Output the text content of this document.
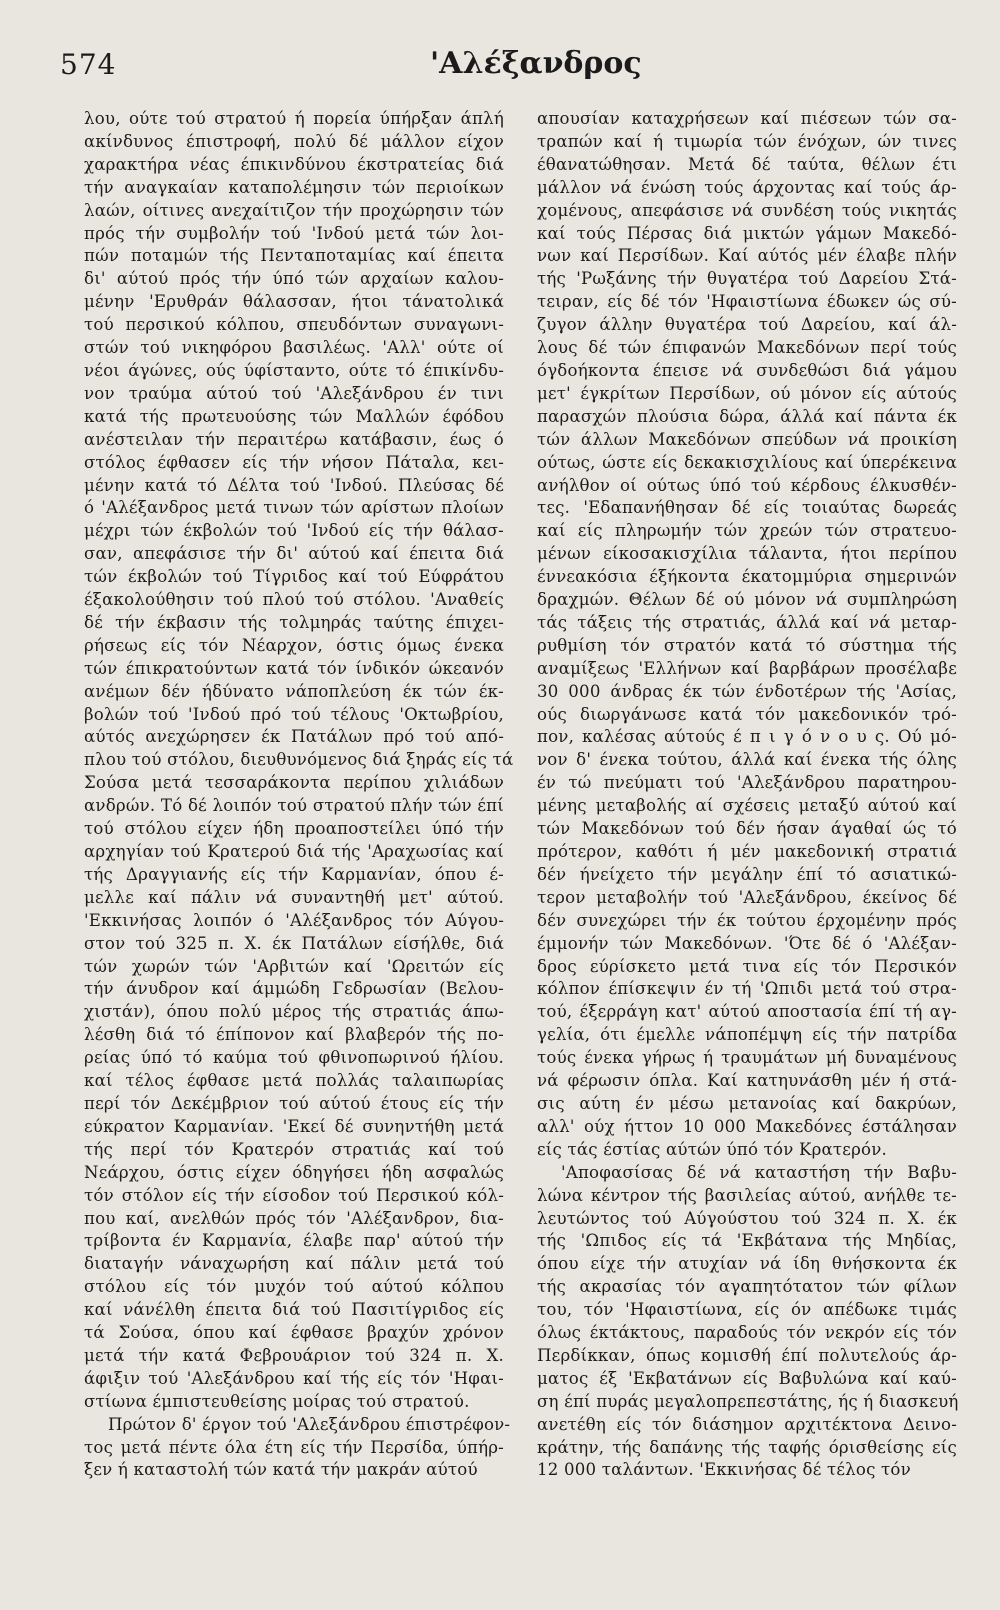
574	'Αλέξανδρος
λου, ούτε τού στρατού ή πορεία ύπήρξαν άπλή
ακίνδυνος έπιστροφή, πολύ δέ μάλλον είχον
χαρακτήρα νέας έπικινδύνου έκστρατείας διά
τήν αναγκαίαν καταπολέμησιν τών περιοίκων
λαών, οίτινες ανεχαίτιζον τήν προχώρησιν τών
πρός τήν συμβολήν τού 'Ινδού μετά τών λοι-
πών ποταμών τής Πενταποταμίας καί έπειτα
δι' αύτού πρός τήν ύπό τών αρχαίων καλου-
μένην 'Ερυθράν θάλασσαν, ήτοι τάνατολικά
τού περσικού κόλπου, σπευδόντων συναγωνι-
στών τού νικηφόρου βασιλέως. 'Αλλ' ούτε οί
νέοι άγώνες, ούς ύφίσταντο, ούτε τό έπικίνδυ-
νον τραύμα αύτού τού 'Αλεξάνδρου έν τινι
κατά τής πρωτευούσης τών Μαλλών έφόδου
ανέστειλαν τήν περαιτέρω κατάβασιν, έως ό
στόλος έφθασεν είς τήν νήσον Πάταλα, κει-
μένην κατά τό Δέλτα τού 'Ινδού. Πλεύσας δέ
ό 'Αλέξανδρος μετά τινων τών αρίστων πλοίων
μέχρι τών έκβολών τού 'Ινδού είς τήν θάλασ-
σαν, απεφάσισε τήν δι' αύτού καί έπειτα διά
τών έκβολών τού Τίγριδος καί τού Εύφράτου
έξακολούθησιν τού πλού τού στόλου. 'Αναθείς
δέ τήν έκβασιν τής τολμηράς ταύτης έπιχει-
ρήσεως είς τόν Νέαρχον, όστις όμως ένεκα
τών έπικρατούντων κατά τόν ίνδικόν ώκεανόν
ανέμων δέν ήδύνατο νάποπλεύση έκ τών έκ-
βολών τού 'Ινδού πρό τού τέλους 'Οκτωβρίου,
αύτός ανεχώρησεν έκ Πατάλων πρό τού από-
πλου τού στόλου, διευθυνόμενος διά ξηράς είς τά
Σούσα μετά τεσσαράκοντα περίπου χιλιάδων
ανδρών. Τό δέ λοιπόν τού στρατού πλήν τών έπί
τού στόλου είχεν ήδη προαποστείλει ύπό τήν
αρχηγίαν τού Κρατερού διά τής 'Αραχωσίας καί
τής Δραγγιανής είς τήν Καρμανίαν, όπου έ-
μελλε καί πάλιν νά συναντηθή μετ' αύτού.
'Εκκινήσας λοιπόν ό 'Αλέξανδρος τόν Αύγου-
στον τού 325 π. Χ. έκ Πατάλων είσήλθε, διά
τών χωρών τών 'Αρβιτών καί 'Ωρειτών είς
τήν άνυδρον καί άμμώδη Γεδρωσίαν (Βελου-
χιστάν), όπου πολύ μέρος τής στρατιάς άπω-
λέσθη διά τό έπίπονον καί βλαβερόν τής πο-
ρείας ύπό τό καύμα τού φθινοπωρινού ήλίου.
καί τέλος έφθασε μετά πολλάς ταλαιπωρίας
περί τόν Δεκέμβριον τού αύτού έτους είς τήν
εύκρατον Καρμανίαν. 'Εκεί δέ συνηντήθη μετά
τής περί τόν Κρατερόν στρατιάς καί τού
Νεάρχου, όστις είχεν όδηγήσει ήδη ασφαλώς
τόν στόλον είς τήν είσοδον τού Περσικού κόλ-
που καί, ανελθών πρός τόν 'Αλέξανδρον, δια-
τρίβοντα έν Καρμανία, έλαβε παρ' αύτού τήν
διαταγήν νάναχωρήση καί πάλιν μετά τού
στόλου είς τόν μυχόν τού αύτού κόλπου
καί νάνέλθη έπειτα διά τού Πασιτίγριδος είς
τά Σούσα, όπου καί έφθασε βραχύν χρόνον
μετά τήν κατά Φεβρουάριον τού 324 π. Χ.
άφιξιν τού 'Αλεξάνδρου καί τής είς τόν 'Ηφαι-
στίωνα έμπιστευθείσης μοίρας τού στρατού.
Πρώτον δ' έργον τού 'Αλεξάνδρου έπιστρέφον-
τος μετά πέντε όλα έτη είς τήν Περσίδα, ύπήρ-
ξεν ή καταστολή τών κατά τήν μακράν αύτού
απουσίαν καταχρήσεων καί πιέσεων τών σα-
τραπών καί ή τιμωρία τών ένόχων, ών τινες
έθανατώθησαν. Μετά δέ ταύτα, θέλων έτι
μάλλον νά ένώση τούς άρχοντας καί τούς άρ-
χομένους, απεφάσισε νά συνδέση τούς νικητάς
καί τούς Πέρσας διά μικτών γάμων Μακεδό-
νων καί Περσίδων. Καί αύτός μέν έλαβε πλήν
τής 'Ρωξάνης τήν θυγατέρα τού Δαρείου Στά-
τειραν, είς δέ τόν 'Ηφαιστίωνα έδωκεν ώς σύ-
ζυγον άλλην θυγατέρα τού Δαρείου, καί άλ-
λους δέ τών έπιφανών Μακεδόνων περί τούς
όγδοήκοντα έπεισε νά συνδεθώσι διά γάμου
μετ' έγκρίτων Περσίδων, ού μόνον είς αύτούς
παρασχών πλούσια δώρα, άλλά καί πάντα έκ
τών άλλων Μακεδόνων σπεύδων νά προικίση
ούτως, ώστε είς δεκακισχιλίους καί ύπερέκεινα
ανήλθον οί ούτως ύπό τού κέρδους έλκυσθέν-
τες. 'Εδαπανήθησαν δέ είς τοιαύτας δωρεάς
καί είς πληρωμήν τών χρεών τών στρατευο-
μένων είκοσακισχίλια τάλαντα, ήτοι περίπου
έννεακόσια έξήκοντα έκατομμύρια σημερινών
δραχμών. Θέλων δέ ού μόνον νά συμπληρώση
τάς τάξεις τής στρατιάς, άλλά καί νά μεταρ-
ρυθμίση τόν στρατόν κατά τό σύστημα τής
αναμίξεως 'Ελλήνων καί βαρβάρων προσέλαβε
30 000 άνδρας έκ τών ένδοτέρων τής 'Ασίας,
ούς διωργάνωσε κατά τόν μακεδονικόν τρό-
πον, καλέσας αύτούς έ π ι γ ό ν ο υ ς. Ού μό-
νον δ' ένεκα τούτου, άλλά καί ένεκα τής όλης
έν τώ πνεύματι τού 'Αλεξάνδρου παρατηρου-
μένης μεταβολής αί σχέσεις μεταξύ αύτού καί
τών Μακεδόνων τού δέν ήσαν άγαθαί ώς τό
πρότερον, καθότι ή μέν μακεδονική στρατιά
δέν ήνείχετο τήν μεγάλην έπί τό ασιατικώ-
τερον μεταβολήν τού 'Αλεξάνδρου, έκείνος δέ
δέν συνεχώρει τήν έκ τούτου έρχομένην πρός
έμμονήν τών Μακεδόνων. 'Ότε δέ ό 'Αλέξαν-
δρος εύρίσκετο μετά τινα είς τόν Περσικόν
κόλπον έπίσκεψιν έν τή 'Ωπιδι μετά τού στρα-
τού, έξερράγη κατ' αύτού αποστασία έπί τή αγ-
γελία, ότι έμελλε νάποπέμψη είς τήν πατρίδα
τούς ένεκα γήρως ή τραυμάτων μή δυναμένους
νά φέρωσιν όπλα. Καί κατηυνάσθη μέν ή στά-
σις αύτη έν μέσω μετανοίας καί δακρύων,
αλλ' ούχ ήττον 10 000 Μακεδόνες έστάλησαν
είς τάς έστίας αύτών ύπό τόν Κρατερόν.
'Αποφασίσας δέ νά καταστήση τήν Βαβυ-
λώνα κέντρον τής βασιλείας αύτού, ανήλθε τε-
λευτώντος τού Αύγούστου τού 324 π. Χ. έκ
τής 'Ωπιδος είς τά 'Εκβάτανα τής Μηδίας,
όπου είχε τήν ατυχίαν νά ίδη θνήσκοντα έκ
τής ακρασίας τόν αγαπητότατον τών φίλων
του, τόν 'Ηφαιστίωνα, είς όν απέδωκε τιμάς
όλως έκτάκτους, παραδούς τόν νεκρόν είς τόν
Περδίκκαν, όπως κομισθή έπί πολυτελούς άρ-
ματος έξ 'Εκβατάνων είς Βαβυλώνα καί καύ-
ση έπί πυράς μεγαλοπρεπεστάτης, ής ή διασκευή
ανετέθη είς τόν διάσημον αρχιτέκτονα Δεινο-
κράτην, τής δαπάνης τής ταφής όρισθείσης είς
12 000 ταλάντων. 'Εκκινήσας δέ τέλος τόν
